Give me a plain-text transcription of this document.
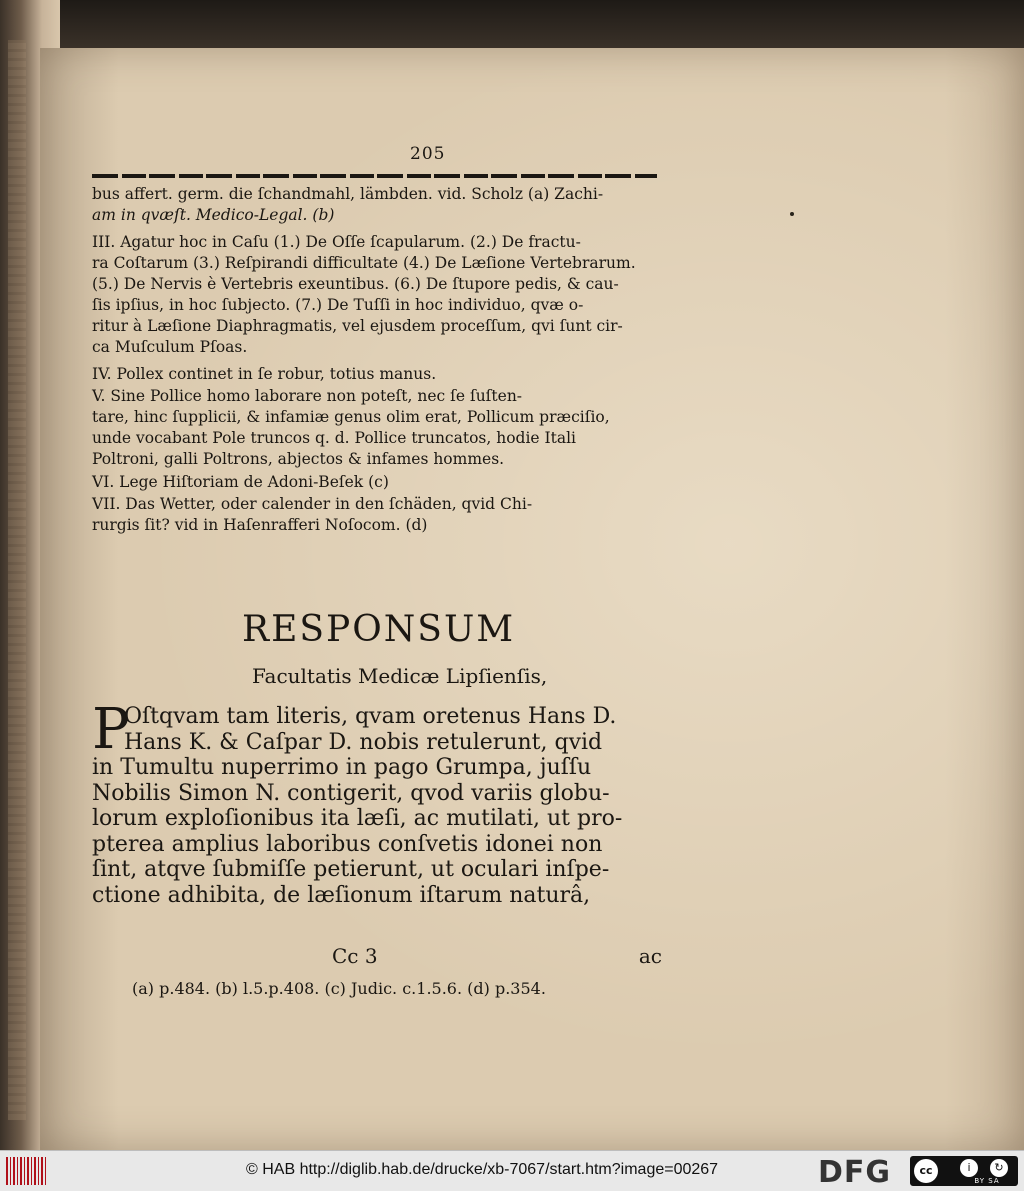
205
bus affert. germ. die ſchandmahl, lämbden. vid. Scholz (a) Zachi-
am in qvæſt. Medico-Legal. (b)
III. Agatur hoc in Caſu (1.) De Oſſe ſcapularum. (2.) De fractu-
ra Coſtarum (3.) Reſpirandi difficultate (4.) De Læſione Vertebrarum.
(5.) De Nervis è Vertebris exeuntibus. (6.) De ſtupore pedis, & cau-
ſis ipſius, in hoc ſubjecto. (7.) De Tuſſi in hoc individuo, qvæ o-
ritur à Læſione Diaphragmatis, vel ejusdem proceſſum, qvi ſunt cir-
ca Muſculum Pſoas.
IV. Pollex continet in ſe robur, totius manus.
V. Sine Pollice homo laborare non poteſt, nec ſe ſuſten-
tare, hinc ſupplicii, & infamiæ genus olim erat, Pollicum præciſio,
unde vocabant Pole truncos q. d. Pollice truncatos, hodie Itali
Poltroni, galli Poltrons, abjectos & infames hommes.
VI. Lege Hiſtoriam de Adoni-Beſek (c)
VII. Das Wetter, oder calender in den ſchäden, qvid Chi-
rurgis ſit? vid in Haſenrafferi Noſocom. (d)
RESPONSUM
Facultatis Medicæ Lipſienſis,
P
Oſtqvam tam literis, qvam oretenus Hans D.
Hans K. & Caſpar D. nobis retulerunt, qvid
in Tumultu nuperrimo in pago Grumpa, juſſu
Nobilis Simon N. contigerit, qvod variis globu-
lorum exploſionibus ita læſi, ac mutilati, ut pro-
pterea amplius laboribus conſvetis idonei non
ſint, atqve ſubmiſſe petierunt, ut oculari inſpe-
ctione adhibita, de læſionum iſtarum naturâ,
Cc 3	ac
(a) p.484. (b) l.5.p.408. (c) Judic. c.1.5.6. (d) p.354.
© HAB http://diglib.hab.de/drucke/xb-7067/start.htm?image=00267	DFG	cc	i	↻
BY SA
